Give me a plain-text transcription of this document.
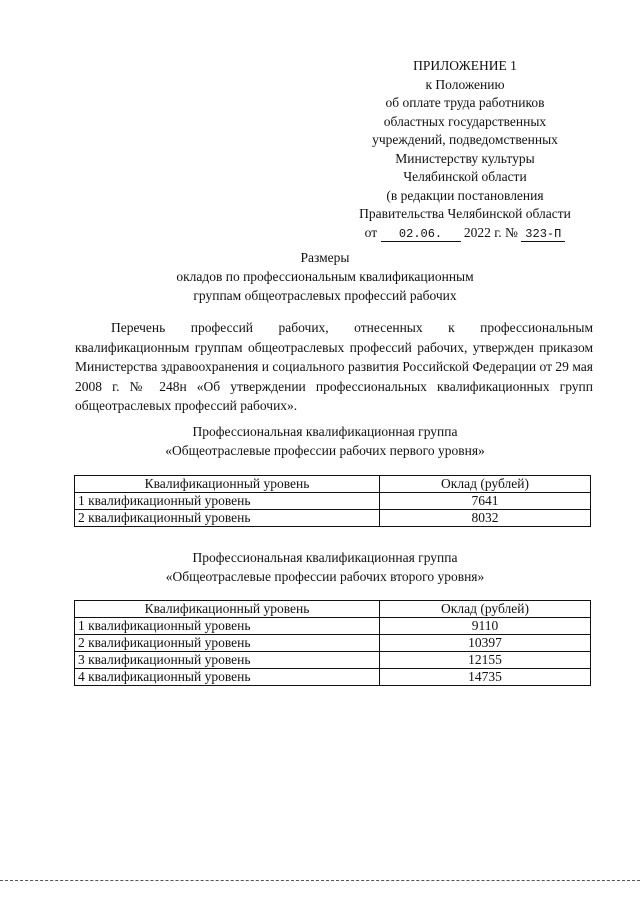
ПРИЛОЖЕНИЕ 1
к Положению
об оплате труда работников
областных государственных
учреждений, подведомственных
Министерству культуры
Челябинской области
(в редакции постановления
Правительства Челябинской области
от 02.06. 2022 г. № 323-П
Размеры
окладов по профессиональным квалификационным
группам общеотраслевых профессий рабочих

Перечень профессий рабочих, отнесенных к профессиональным квалификационным группам общеотраслевых профессий рабочих, утвержден приказом Министерства здравоохранения и социального развития Российской Федерации от 29 мая 2008 г. № 248н «Об утверждении профессиональных квалификационных групп общеотраслевых профессий рабочих».

Профессиональная квалификационная группа
«Общеотраслевые профессии рабочих первого уровня»
Квалификационный уровень	Оклад (рублей)
1 квалификационный уровень	7641
2 квалификационный уровень	8032
Профессиональная квалификационная группа
«Общеотраслевые профессии рабочих второго уровня»
Квалификационный уровень	Оклад (рублей)
1 квалификационный уровень	9110
2 квалификационный уровень	10397
3 квалификационный уровень	12155
4 квалификационный уровень	14735
